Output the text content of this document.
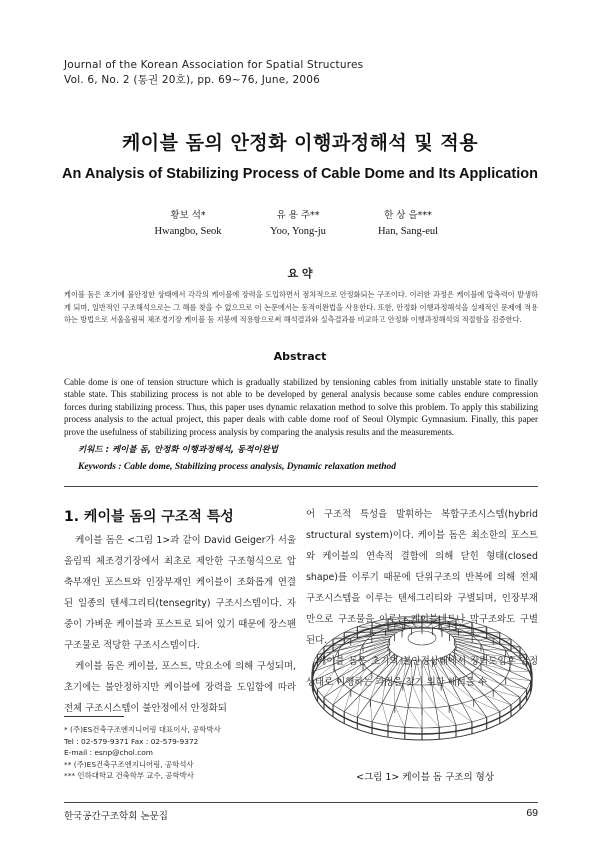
Journal of the Korean Association for Spatial Structures
Vol. 6, No. 2 (통권 20호), pp. 69~76, June, 2006
케이블 돔의 안정화 이행과정해석 및 적용
An Analysis of Stabilizing Process of Cable Dome and Its Application
황보 석*
Hwangbo, Seok
유 용 주**
Yoo, Yong-ju
한 상 을***
Han, Sang-eul
요 약
케이블 돔은 초기에 불안정한 상태에서 각각의 케이블에 장력을 도입하면서 점차적으로 안정화되는 구조이다. 이러한 과정은 케이블에 압축력이 발생하게 되며, 일반적인 구조해석으로는 그 해를 찾을 수 없으므로 이 논문에서는 동적이완법을 사용한다. 또한, 안정화 이행과정해석을 실제적인 문제에 적용하는 방법으로 서울올림픽 체조경기장 케이블 돔 지붕에 적용함으로써 해석결과와 실측결과를 비교하고 안정화 이행과정해석의 적절함을 검증한다.
Abstract
Cable dome is one of tension structure which is gradually stabilized by tensioning cables from initially unstable state to finally stable state. This stabilizing process is not able to be developed by general analysis because some cables endure compression forces during stabilizing process. Thus, this paper uses dynamic relaxation method to solve this problem. To apply this stabilizing process analysis to the actual project, this paper deals with cable dome roof of Seoul Olympic Gymnasium. Finally, this paper prove the usefulness of stabilizing process analysis by comparing the analysis results and the measurements.
키워드 : 케이블 돔, 안정화 이행과정해석, 동적이완법
Keywords : Cable dome, Stabilizing process analysis, Dynamic relaxation method
1. 케이블 돔의 구조적 특성

케이블 돔은 <그림 1>과 같이 David Geiger가 서울올림픽 체조경기장에서 최초로 제안한 구조형식으로 압축부재인 포스트와 인장부재인 케이블이 조화롭게 연결된 일종의 텐세그리티(tensegrity) 구조시스템이다. 자중이 가벼운 케이블과 포스트로 되어 있기 때문에 장스팬 구조물로 적당한 구조시스템이다.

케이블 돔은 케이블, 포스트, 막요소에 의해 구성되며, 초기에는 불안정하지만 케이블에 장력을 도입함에 따라 전체 구조시스템이 불안정에서 안정화되

어 구조적 특성을 발휘하는 복합구조시스템(hybrid structural system)이다. 케이블 돔은 최소한의 포스트와 케이블의 연속적 결합에 의해 닫힌 형태(closed shape)를 이루기 때문에 단위구조의 반복에 의해 전체 구조시스템을 이루는 텐세그리티와 구별되며, 인장부재만으로 구조물을 이루는 케이블네트나 막구조와도 구별된다.

케이블 돔은 초기의 불안정상태에서 장력도입후 안정상태로 이행하는 과정을 찾기 위한 해석을 수

* (주)ES건축구조엔지니어링 대표이사, 공학박사
Tel : 02-579-9371 Fax : 02-579-9372
E-mail : esnp@chol.com
** (주)ES건축구조엔지니어링, 공학석사
*** 인하대학교 건축학부 교수, 공학박사	<그림 1> 케이블 돔 구조의 형상
한국공간구조학회 논문집	69
